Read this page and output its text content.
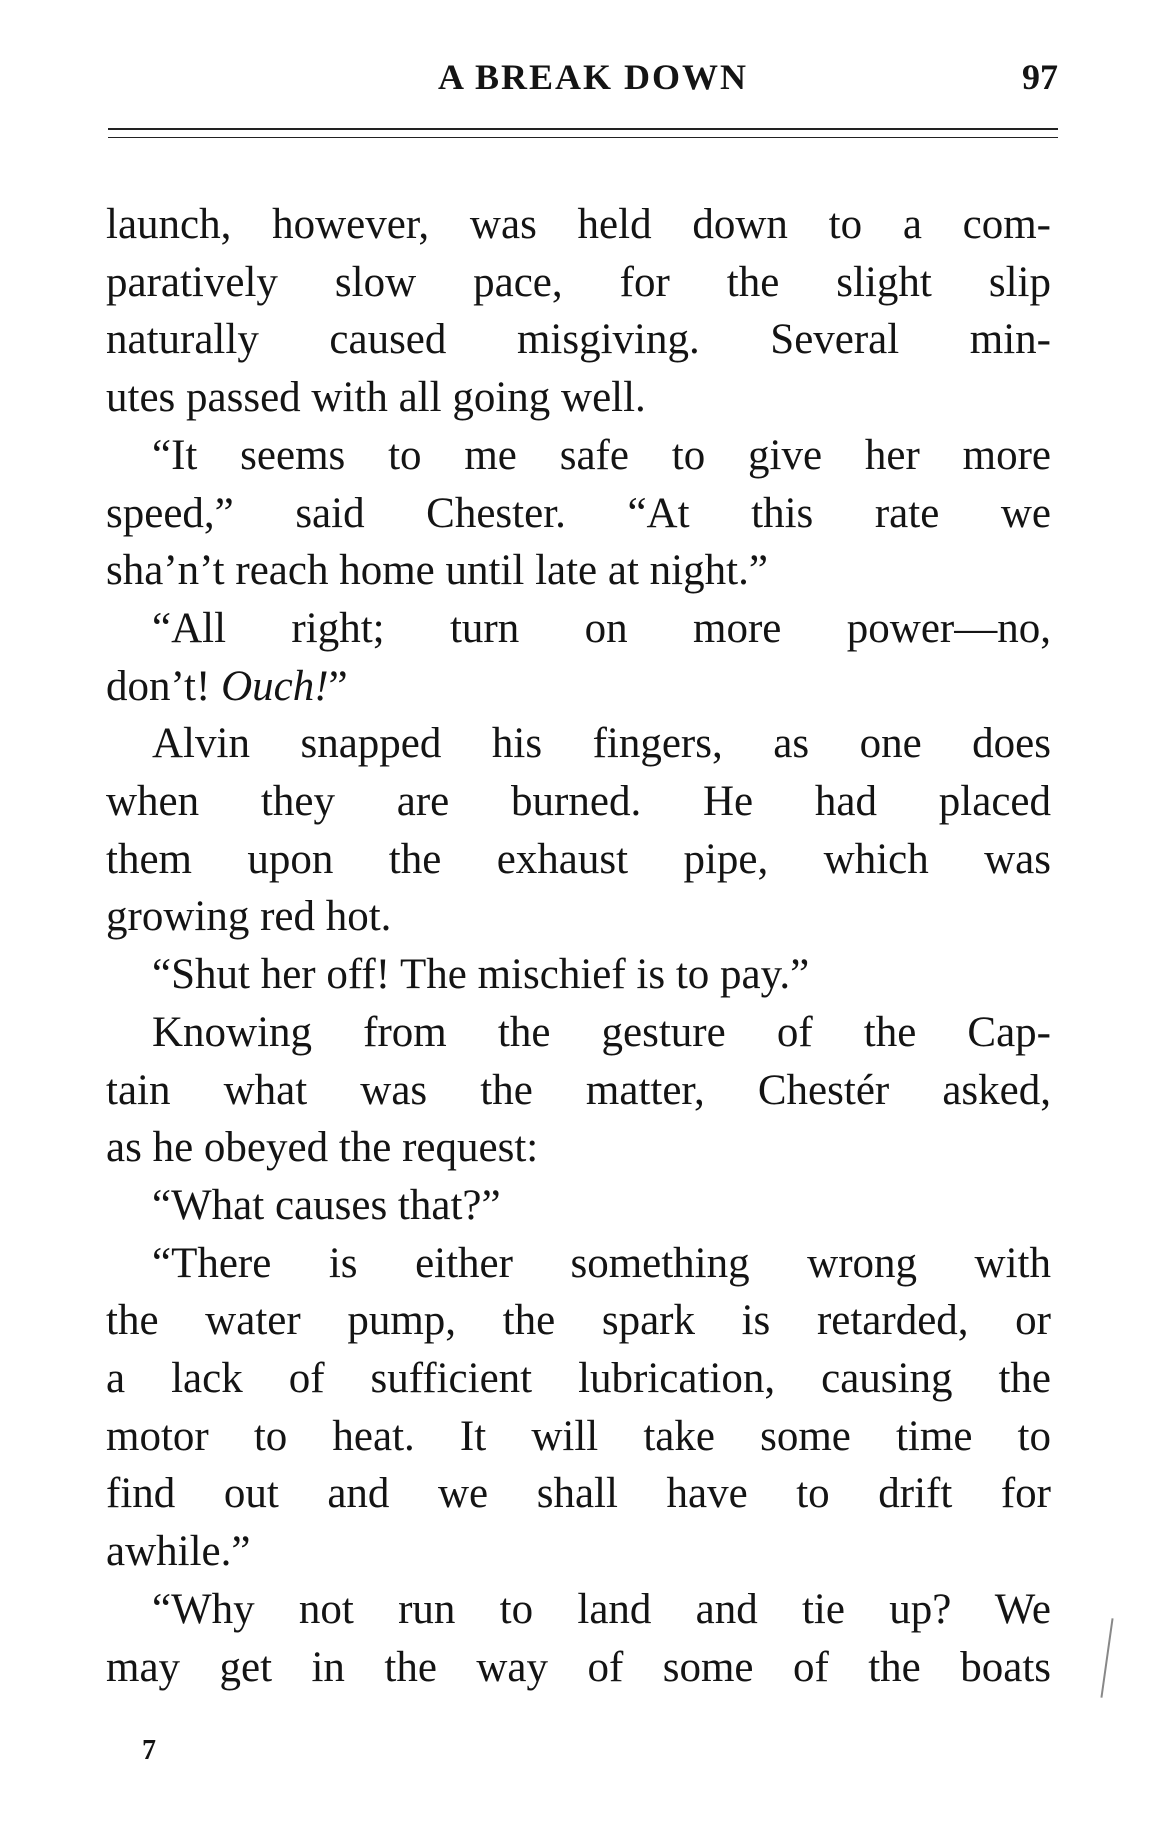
A BREAK DOWN	97

launch, however, was held down to a com-
paratively slow pace, for the slight slip
naturally caused misgiving. Several min-
utes passed with all going well.

“It seems to me safe to give her more
speed,” said Chester. “At this rate we
sha’n’t reach home until late at night.”

“All right; turn on more power—no,
don’t! Ouch!”

Alvin snapped his fingers, as one does
when they are burned. He had placed
them upon the exhaust pipe, which was
growing red hot.

“Shut her off! The mischief is to pay.”

Knowing from the gesture of the Cap-
tain what was the matter, Chestér asked,
as he obeyed the request:

“What causes that?”

“There is either something wrong with
the water pump, the spark is retarded, or
a lack of sufficient lubrication, causing the
motor to heat. It will take some time to
find out and we shall have to drift for
awhile.”

“Why not run to land and tie up? We
may get in the way of some of the boats

7
